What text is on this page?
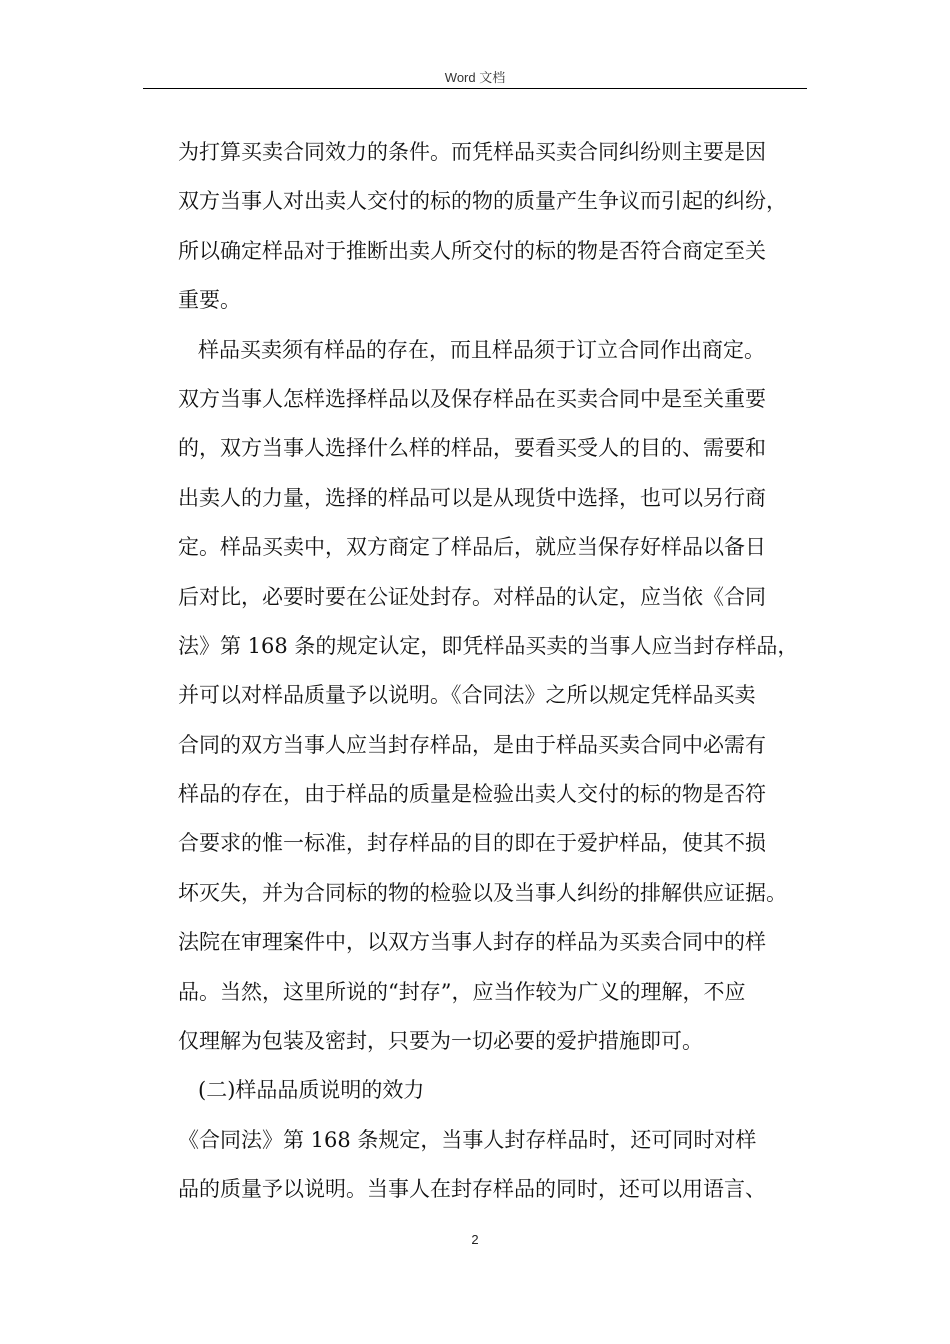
Word 文档
为打算买卖合同效力的条件。而凭样品买卖合同纠纷则主要是因
双方当事人对出卖人交付的标的物的质量产生争议而引起的纠纷，
所以确定样品对于推断出卖人所交付的标的物是否符合商定至关
重要。
样品买卖须有样品的存在，而且样品须于订立合同作出商定。
双方当事人怎样选择样品以及保存样品在买卖合同中是至关重要
的，双方当事人选择什么样的样品，要看买受人的目的、需要和
出卖人的力量，选择的样品可以是从现货中选择，也可以另行商
定。样品买卖中，双方商定了样品后，就应当保存好样品以备日
后对比，必要时要在公证处封存。对样品的认定，应当依《合同
法》第 168 条的规定认定，即凭样品买卖的当事人应当封存样品，
并可以对样品质量予以说明。《合同法》之所以规定凭样品买卖
合同的双方当事人应当封存样品，是由于样品买卖合同中必需有
样品的存在，由于样品的质量是检验出卖人交付的标的物是否符
合要求的惟一标准，封存样品的目的即在于爱护样品，使其不损
坏灭失，并为合同标的物的检验以及当事人纠纷的排解供应证据。
法院在审理案件中，以双方当事人封存的样品为买卖合同中的样
品。当然，这里所说的“封存”，应当作较为广义的理解，不应
仅理解为包装及密封，只要为一切必要的爱护措施即可。
(二)样品品质说明的效力
《合同法》第 168 条规定，当事人封存样品时，还可同时对样
品的质量予以说明。当事人在封存样品的同时，还可以用语言、
2
